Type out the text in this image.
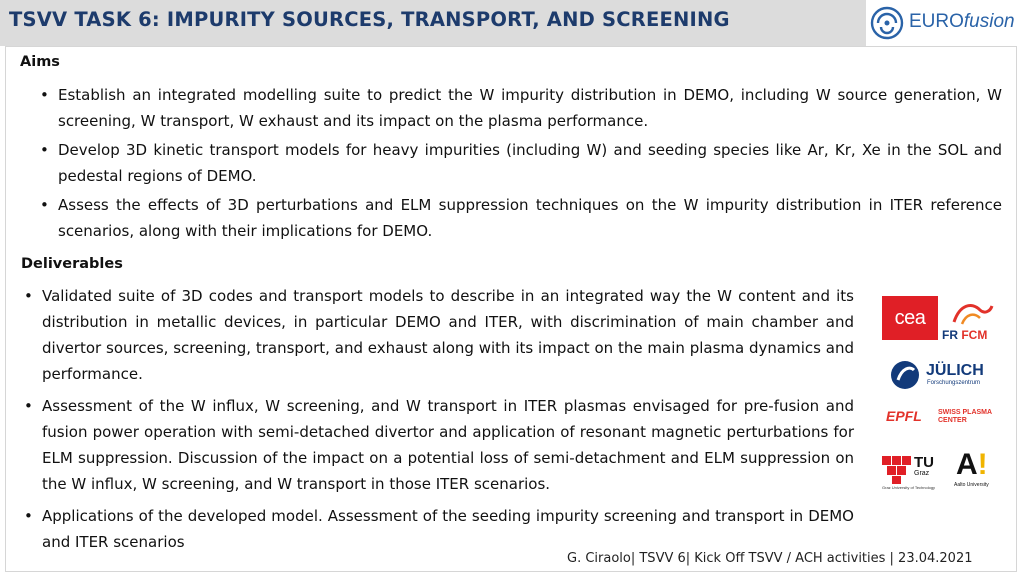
TSVV TASK 6: IMPURITY SOURCES, TRANSPORT, AND SCREENING	EUROfusion
Aims
• Establish an integrated modelling suite to predict the W impurity distribution in DEMO, including W source generation, W screening, W transport, W exhaust and its impact on the plasma performance.
• Develop 3D kinetic transport models for heavy impurities (including W) and seeding species like Ar, Kr, Xe in the SOL and pedestal regions of DEMO.
• Assess the effects of 3D perturbations and ELM suppression techniques on the W impurity distribution in ITER reference scenarios, along with their implications for DEMO.
Deliverables
• Validated suite of 3D codes and transport models to describe in an integrated way the W content and its distribution in metallic devices, in particular DEMO and ITER, with discrimination of main chamber and divertor sources, screening, transport, and exhaust along with its impact on the main plasma dynamics and performance.
• Assessment of the W influx, W screening, and W transport in ITER plasmas envisaged for pre-fusion and fusion power operation with semi-detached divertor and application of resonant magnetic perturbations for ELM suppression. Discussion of the impact on a potential loss of semi-detachment and ELM suppression on the W influx, W screening, and W transport in those ITER scenarios.
• Applications of the developed model. Assessment of the seeding impurity screening and transport in DEMO and ITER scenarios
cea
FR FCM
JÜLICH
Forschungszentrum
EPFL SWISS PLASMA CENTER
TU
Graz
Graz University of Technology
A!
Aalto University
G. Ciraolo| TSVV 6| Kick Off TSVV / ACH activities | 23.04.2021
